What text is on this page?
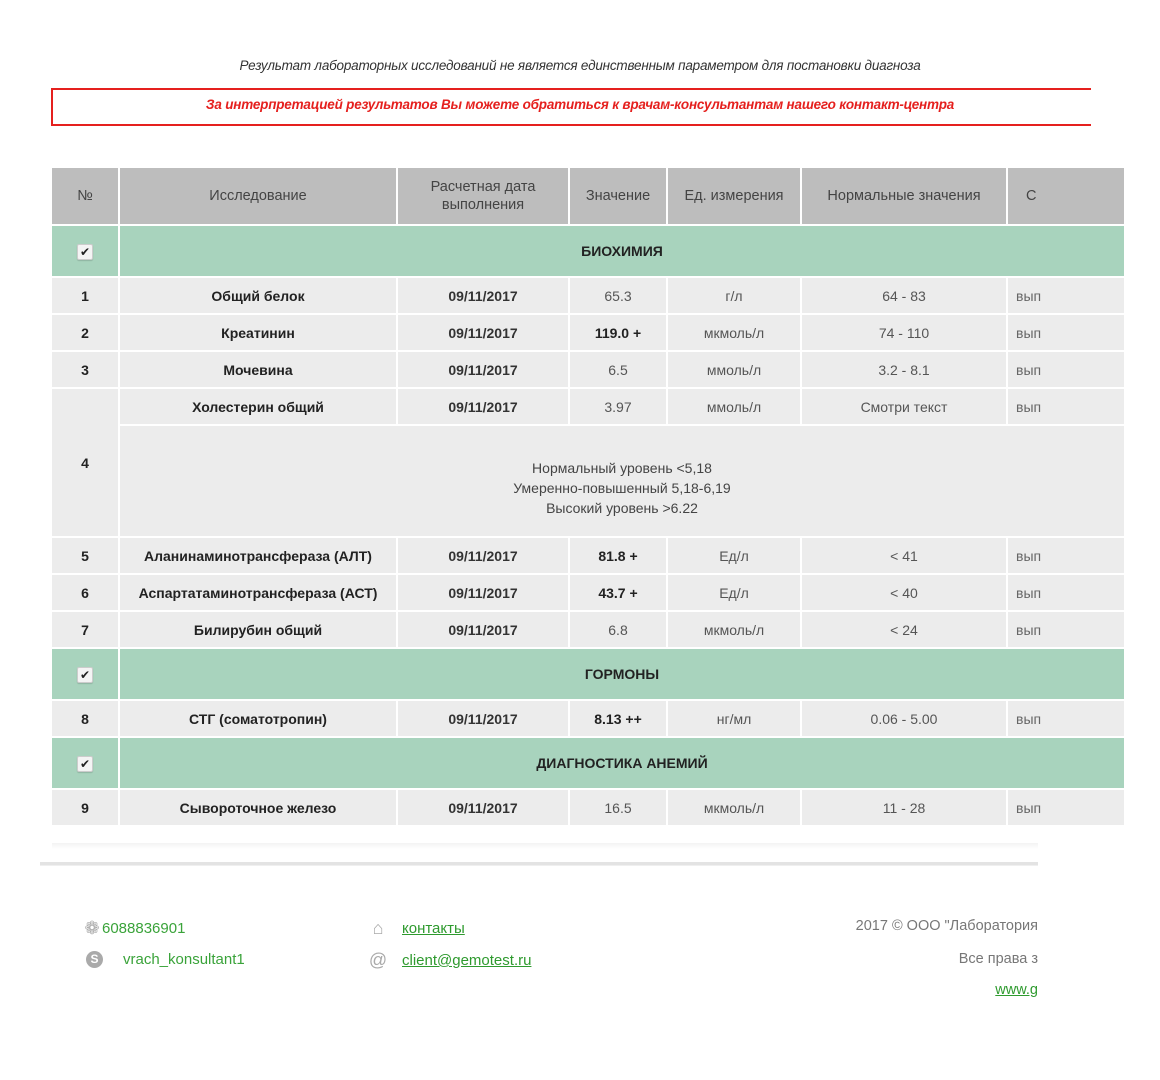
Результат лабораторных исследований не является единственным параметром для постановки диагноза
За интерпретацией результатов Вы можете обратиться к врачам-консультантам нашего контакт-центра
№	Исследование	Расчетная дата выполнения	Значение	Ед. измерения	Нормальные значения	С
✔	БИОХИМИЯ					
1	Общий белок	09/11/2017	65.3	г/л	64 - 83	вып
2	Креатинин	09/11/2017	119.0 +	мкмоль/л	74 - 110	вып
3	Мочевина	09/11/2017	6.5	ммоль/л	3.2 - 8.1	вып
4	Холестерин общий	09/11/2017	3.97	ммоль/л	Смотри текст	вып

	Нормальный уровень <5,18
Умеренно-повышенный 5,18-6,19
Высокий уровень >6.22					

5	Аланинаминотрансфераза (АЛТ)	09/11/2017	81.8 +	Ед/л	< 41	вып
6	Аспартатаминотрансфераза (АСТ)	09/11/2017	43.7 +	Ед/л	< 40	вып
7	Билирубин общий	09/11/2017	6.8	мкмоль/л	< 24	вып
✔	ГОРМОНЫ					
8	СТГ (соматотропин)	09/11/2017	8.13 ++	нг/мл	0.06 - 5.00	вып
✔	ДИАГНОСТИКА АНЕМИЙ					
9	Сывороточное железо	09/11/2017	16.5	мкмоль/л	11 - 28	вып
❁ 6088836901
S	vrach_konsultant1
⌂	контакты
@ client@gemotest.ru
2017 © ООО "Лаборатория
Все права з
www.g
